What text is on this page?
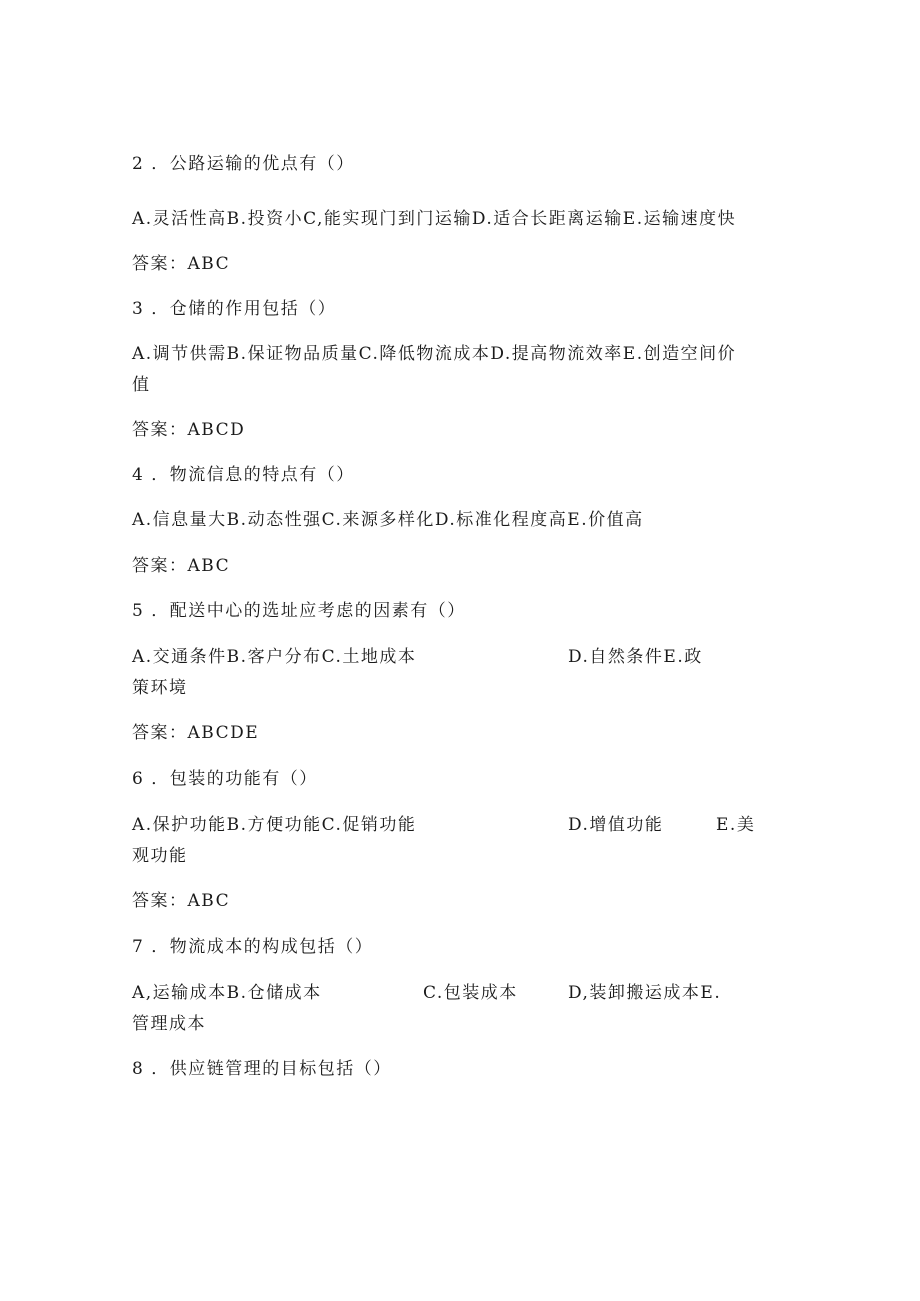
2 ．公路运输的优点有（）
A.灵活性高B.投资小C,能实现门到门运输D.适合长距离运输E.运输速度快
答案：ABC
3 ．仓储的作用包括（）
A.调节供需B.保证物品质量C.降低物流成本D.提高物流效率E.创造空间价
值
答案：ABCD
4 ．物流信息的特点有（）
A.信息量大B.动态性强C.来源多样化D.标准化程度高E.价值高
答案：ABC
5 ．配送中心的选址应考虑的因素有（）
A.交通条件B.客户分布C.土地成本	D.自然条件E.政
策环境
答案：ABCDE
6 ．包装的功能有（）
A.保护功能B.方便功能C.促销功能	D.增值功能	E.美
观功能
答案：ABC
7 ．物流成本的构成包括（）
A,运输成本B.仓储成本	C.包装成本	D,装卸搬运成本E.
管理成本
8 ．供应链管理的目标包括（）
